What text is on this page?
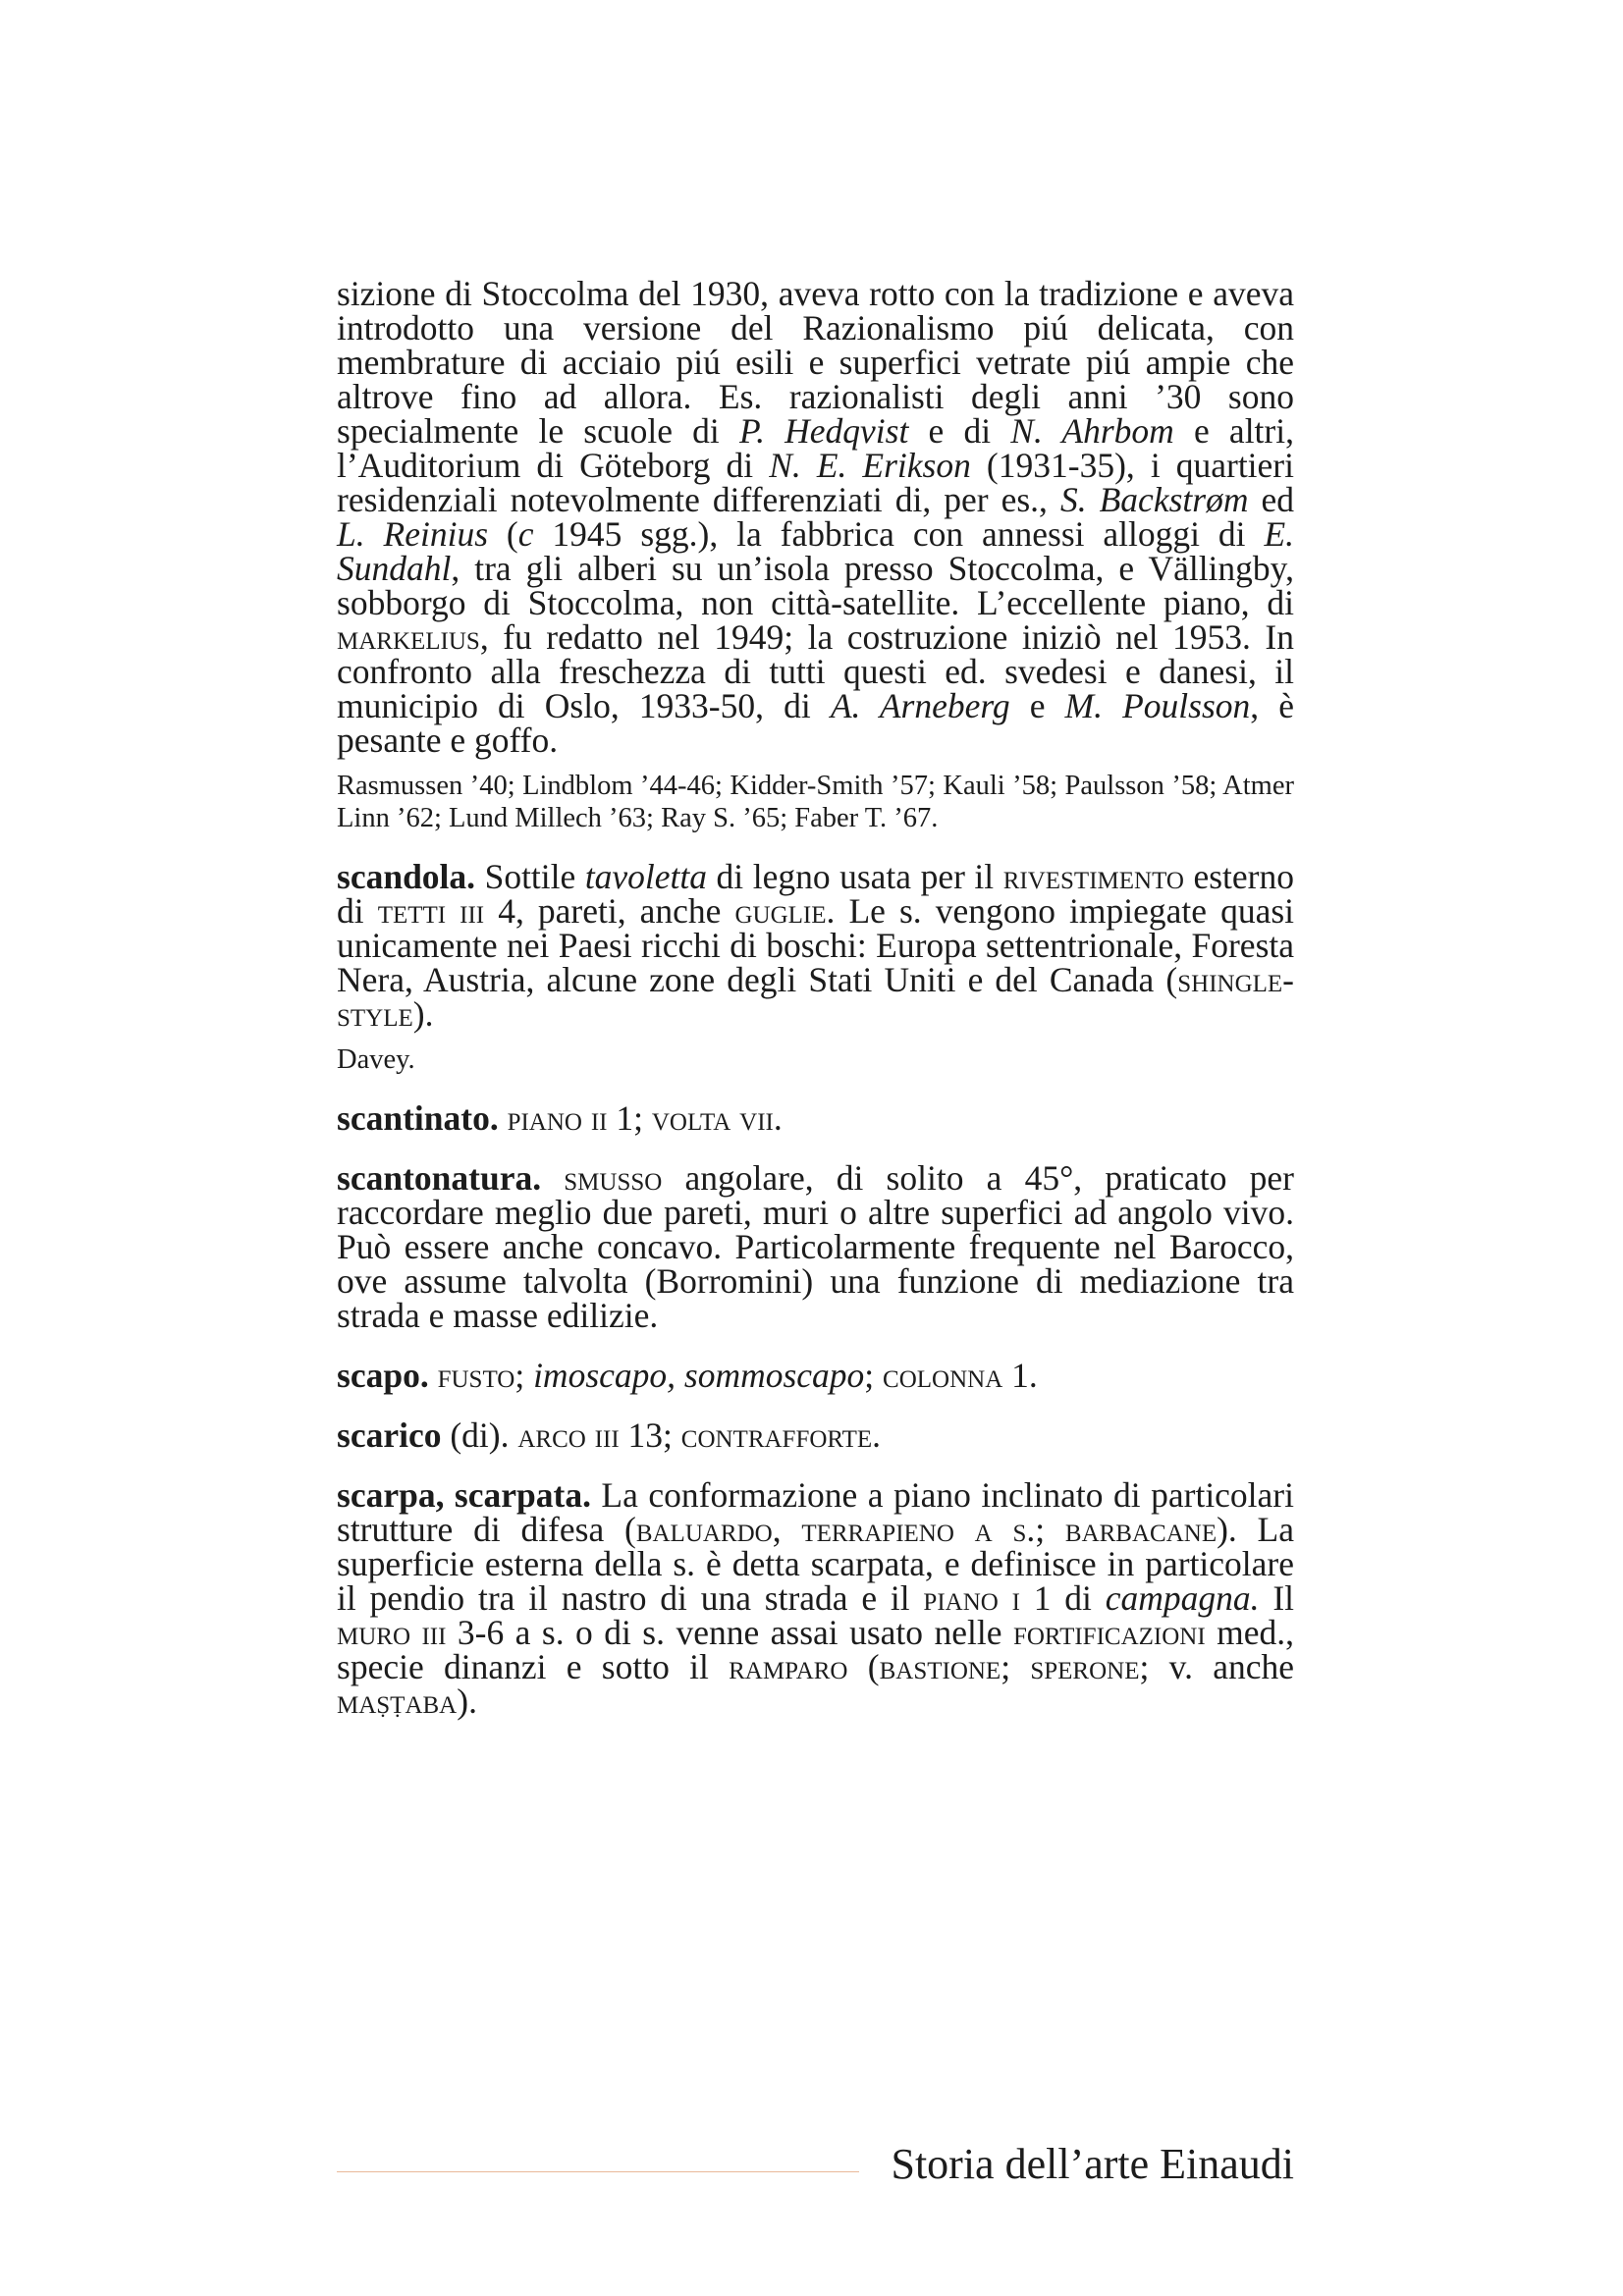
sizione di Stoccolma del 1930, aveva rotto con la tradizione e aveva introdotto una versione del Razionalismo piú delicata, con membrature di acciaio piú esili e superfici vetrate piú ampie che altrove fino ad allora. Es. razionalisti degli anni ’30 sono specialmente le scuole di P. Hedqvist e di N. Ahrbom e altri, l’Auditorium di Göteborg di N. E. Erikson (1931-35), i quartieri residenziali notevolmente differenziati di, per es., S. Backstrøm ed L. Reinius (c 1945 sgg.), la fabbrica con annessi alloggi di E. Sundahl, tra gli alberi su un’isola presso Stoccolma, e Vällingby, sobborgo di Stoccolma, non città-satellite. L’eccellente piano, di markelius, fu redatto nel 1949; la costruzione iniziò nel 1953. In confronto alla freschezza di tutti questi ed. svedesi e danesi, il municipio di Oslo, 1933-50, di A. Arneberg e M. Poulsson, è pesante e goffo.

Rasmussen ’40; Lindblom ’44-46; Kidder-Smith ’57; Kauli ’58; Paulsson ’58; Atmer Linn ’62; Lund Millech ’63; Ray S. ’65; Faber T. ’67.

scandola. Sottile tavoletta di legno usata per il rivestimento esterno di tetti iii 4, pareti, anche guglie. Le s. vengono impiegate quasi unicamente nei Paesi ricchi di boschi: Europa settentrionale, Foresta Nera, Austria, alcune zone degli Stati Uniti e del Canada (shingle-style).

Davey.

scantinato. piano ii 1; volta vii.

scantonatura. smusso angolare, di solito a 45°, praticato per raccordare meglio due pareti, muri o altre superfici ad angolo vivo. Può essere anche concavo. Particolarmente frequente nel Barocco, ove assume talvolta (Borromini) una funzione di mediazione tra strada e masse edilizie.

scapo. fusto; imoscapo, sommoscapo; colonna 1.

scarico (di). arco iii 13; contrafforte.

scarpa, scarpata. La conformazione a piano inclinato di particolari strutture di difesa (baluardo, terrapieno a s.; barbacane). La superficie esterna della s. è detta scarpata, e definisce in particolare il pendio tra il nastro di una strada e il piano i 1 di campagna. Il muro iii 3-6 a s. o di s. venne assai usato nelle fortificazioni med., specie dinanzi e sotto il ramparo (bastione; sperone; v. anche maṣṭaba).

Storia dell’arte Einaudi
